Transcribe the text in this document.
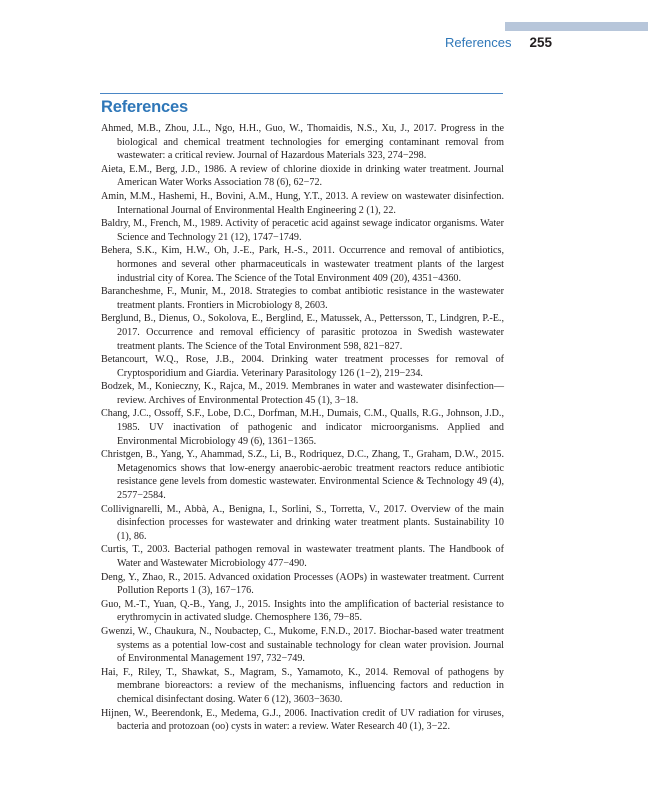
References 255
References
Ahmed, M.B., Zhou, J.L., Ngo, H.H., Guo, W., Thomaidis, N.S., Xu, J., 2017. Progress in the biological and chemical treatment technologies for emerging contaminant removal from wastewater: a critical review. Journal of Hazardous Materials 323, 274−298.
Aieta, E.M., Berg, J.D., 1986. A review of chlorine dioxide in drinking water treatment. Journal American Water Works Association 78 (6), 62−72.
Amin, M.M., Hashemi, H., Bovini, A.M., Hung, Y.T., 2013. A review on wastewater disinfection. International Journal of Environmental Health Engineering 2 (1), 22.
Baldry, M., French, M., 1989. Activity of peracetic acid against sewage indicator organisms. Water Science and Technology 21 (12), 1747−1749.
Behera, S.K., Kim, H.W., Oh, J.-E., Park, H.-S., 2011. Occurrence and removal of antibiotics, hormones and several other pharmaceuticals in wastewater treatment plants of the largest industrial city of Korea. The Science of the Total Environment 409 (20), 4351−4360.
Barancheshme, F., Munir, M., 2018. Strategies to combat antibiotic resistance in the wastewater treatment plants. Frontiers in Microbiology 8, 2603.
Berglund, B., Dienus, O., Sokolova, E., Berglind, E., Matussek, A., Pettersson, T., Lindgren, P.-E., 2017. Occurrence and removal efficiency of parasitic protozoa in Swedish wastewater treatment plants. The Science of the Total Environment 598, 821−827.
Betancourt, W.Q., Rose, J.B., 2004. Drinking water treatment processes for removal of Cryptosporidium and Giardia. Veterinary Parasitology 126 (1−2), 219−234.
Bodzek, M., Konieczny, K., Rajca, M., 2019. Membranes in water and wastewater disinfection—review. Archives of Environmental Protection 45 (1), 3−18.
Chang, J.C., Ossoff, S.F., Lobe, D.C., Dorfman, M.H., Dumais, C.M., Qualls, R.G., Johnson, J.D., 1985. UV inactivation of pathogenic and indicator microorganisms. Applied and Environmental Microbiology 49 (6), 1361−1365.
Christgen, B., Yang, Y., Ahammad, S.Z., Li, B., Rodriquez, D.C., Zhang, T., Graham, D.W., 2015. Metagenomics shows that low-energy anaerobic-aerobic treatment reactors reduce antibiotic resistance gene levels from domestic wastewater. Environmental Science & Technology 49 (4), 2577−2584.
Collivignarelli, M., Abbà, A., Benigna, I., Sorlini, S., Torretta, V., 2017. Overview of the main disinfection processes for wastewater and drinking water treatment plants. Sustainability 10 (1), 86.
Curtis, T., 2003. Bacterial pathogen removal in wastewater treatment plants. The Handbook of Water and Wastewater Microbiology 477−490.
Deng, Y., Zhao, R., 2015. Advanced oxidation Processes (AOPs) in wastewater treatment. Current Pollution Reports 1 (3), 167−176.
Guo, M.-T., Yuan, Q.-B., Yang, J., 2015. Insights into the amplification of bacterial resistance to erythromycin in activated sludge. Chemosphere 136, 79−85.
Gwenzi, W., Chaukura, N., Noubactep, C., Mukome, F.N.D., 2017. Biochar-based water treatment systems as a potential low-cost and sustainable technology for clean water provision. Journal of Environmental Management 197, 732−749.
Hai, F., Riley, T., Shawkat, S., Magram, S., Yamamoto, K., 2014. Removal of pathogens by membrane bioreactors: a review of the mechanisms, influencing factors and reduction in chemical disinfectant dosing. Water 6 (12), 3603−3630.
Hijnen, W., Beerendonk, E., Medema, G.J., 2006. Inactivation credit of UV radiation for viruses, bacteria and protozoan (oo) cysts in water: a review. Water Research 40 (1), 3−22.
